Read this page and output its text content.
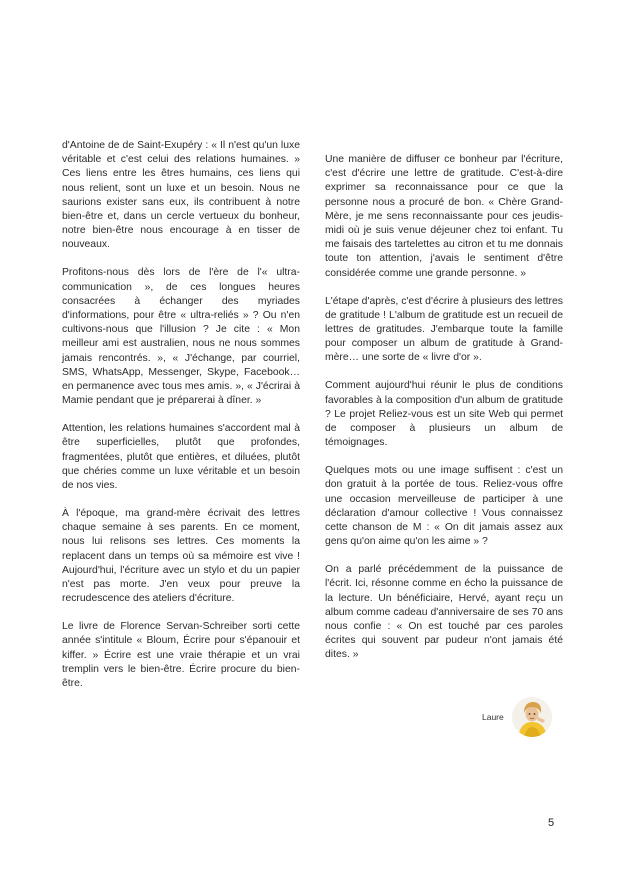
d'Antoine de de Saint-Exupéry : « Il n'est qu'un luxe véritable et c'est celui des relations humaines. » Ces liens entre les êtres humains, ces liens qui nous relient, sont un luxe et un besoin. Nous ne saurions exister sans eux, ils contribuent à notre bien-être et, dans un cercle vertueux du bonheur, notre bien-être nous encourage à en tisser de nouveaux.

Profitons-nous dès lors de l'ère de l'« ultra-communication », de ces longues heures consacrées à échanger des myriades d'informations, pour être « ultra-reliés » ? Ou n'en cultivons-nous que l'illusion ? Je cite : « Mon meilleur ami est australien, nous ne nous sommes jamais rencontrés. », « J'échange, par courriel, SMS, WhatsApp, Messenger, Skype, Facebook…en permanence avec tous mes amis. », « J'écrirai à Mamie pendant que je préparerai à dîner. »

Attention, les relations humaines s'accordent mal à être superficielles, plutôt que profondes, fragmentées, plutôt que entières, et diluées, plutôt que chéries comme un luxe véritable et un besoin de nos vies.

À l'époque, ma grand-mère écrivait des lettres chaque semaine à ses parents. En ce moment, nous lui relisons ses lettres. Ces moments la replacent dans un temps où sa mémoire est vive ! Aujourd'hui, l'écriture avec un stylo et du un papier n'est pas morte. J'en veux pour preuve la recrudescence des ateliers d'écriture.

Le livre de Florence Servan-Schreiber sorti cette année s'intitule « Bloum, Écrire pour s'épanouir et kiffer. » Écrire est une vraie thérapie et un vrai tremplin vers le bien-être. Écrire procure du bien-être.

Une manière de diffuser ce bonheur par l'écriture, c'est d'écrire une lettre de gratitude. C'est-à-dire exprimer sa reconnaissance pour ce que la personne nous a procuré de bon. « Chère Grand-Mère, je me sens reconnaissante pour ces jeudis-midi où je suis venue déjeuner chez toi enfant. Tu me faisais des tartelettes au citron et tu me donnais toute ton attention, j'avais le sentiment d'être considérée comme une grande personne. »

L'étape d'après, c'est d'écrire à plusieurs des lettres de gratitude ! L'album de gratitude est un recueil de lettres de gratitudes. J'embarque toute la famille pour composer un album de gratitude à Grand-mère… une sorte de « livre d'or ».

Comment aujourd'hui réunir le plus de conditions favorables à la composition d'un album de gratitude ? Le projet Reliez-vous est un site Web qui permet de composer à plusieurs un album de témoignages.

Quelques mots ou une image suffisent : c'est un don gratuit à la portée de tous. Reliez-vous offre une occasion merveilleuse de participer à une déclaration d'amour collective ! Vous connaissez cette chanson de M : « On dit jamais assez aux gens qu'on aime qu'on les aime » ?

On a parlé précédemment de la puissance de l'écrit. Ici, résonne comme en écho la puissance de la lecture. Un bénéficiaire, Hervé, ayant reçu un album comme cadeau d'anniversaire de ses 70 ans nous confie : « On est touché par ces paroles écrites qui souvent par pudeur n'ont jamais été dites. »

Laure
5
